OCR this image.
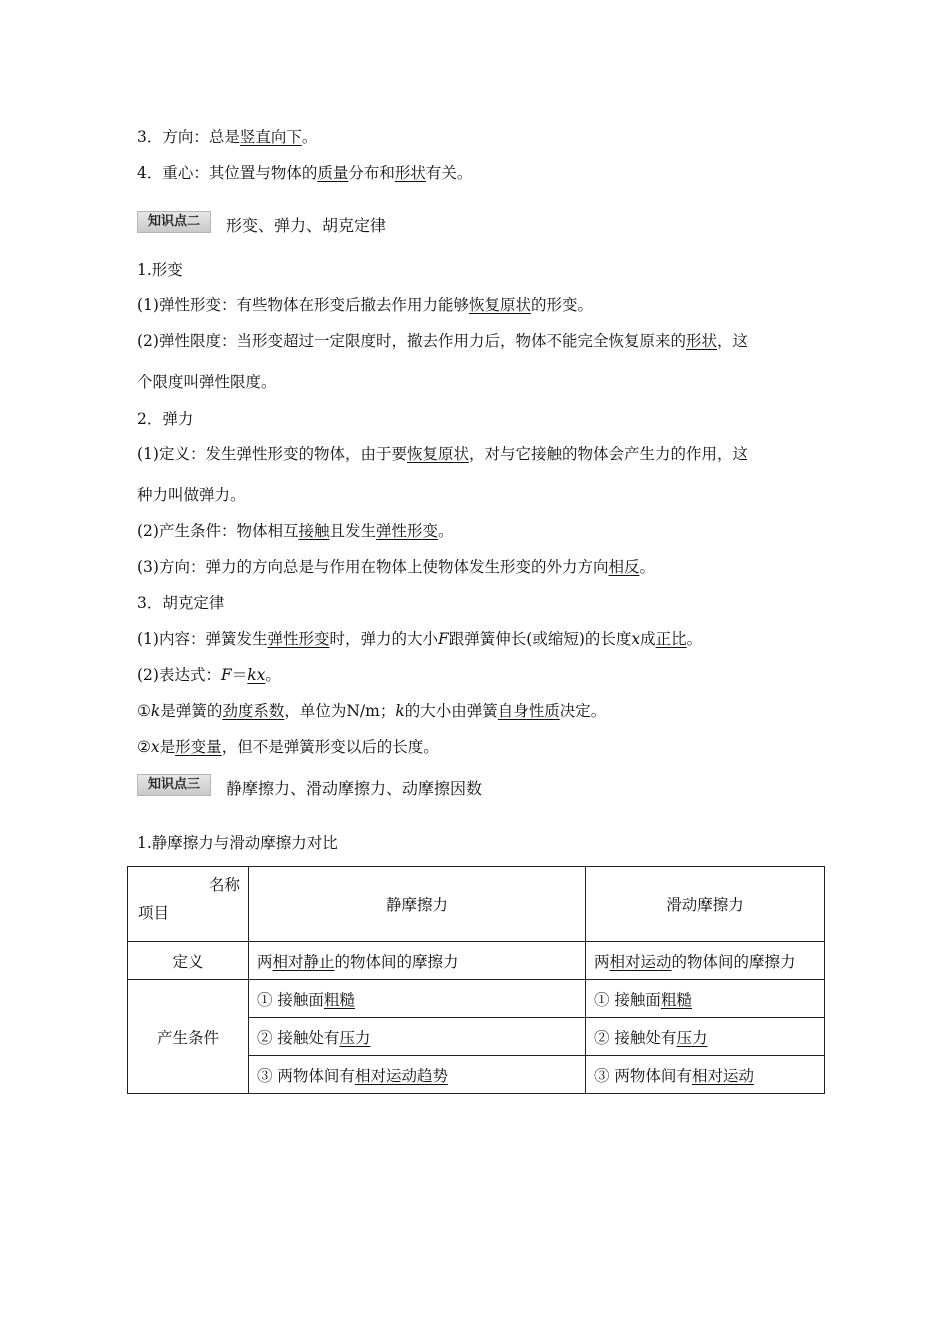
3．方向：总是竖直向下。
4．重心：其位置与物体的质量分布和形状有关。
知识点二	形变、弹力、胡克定律
1.形变
(1)弹性形变：有些物体在形变后撤去作用力能够恢复原状的形变。
(2)弹性限度：当形变超过一定限度时，撤去作用力后，物体不能完全恢复原来的形状，这
个限度叫弹性限度。
2．弹力
(1)定义：发生弹性形变的物体，由于要恢复原状，对与它接触的物体会产生力的作用，这
种力叫做弹力。
(2)产生条件：物体相互接触且发生弹性形变。
(3)方向：弹力的方向总是与作用在物体上使物体发生形变的外力方向相反。
3．胡克定律
(1)内容：弹簧发生弹性形变时，弹力的大小F跟弹簧伸长(或缩短)的长度x成正比。
(2)表达式：F＝kx。
①k是弹簧的劲度系数，单位为N/m；k的大小由弹簧自身性质决定。
②x是形变量，但不是弹簧形变以后的长度。
知识点三	静摩擦力、滑动摩擦力、动摩擦因数
1.静摩擦力与滑动摩擦力对比
名称
项目	静摩擦力	滑动摩擦力
定义	两相对静止的物体间的摩擦力	两相对运动的物体间的摩擦力
产生条件	① 接触面粗糙	① 接触面粗糙
	② 接触处有压力	② 接触处有压力
	③ 两物体间有相对运动趋势	③ 两物体间有相对运动
